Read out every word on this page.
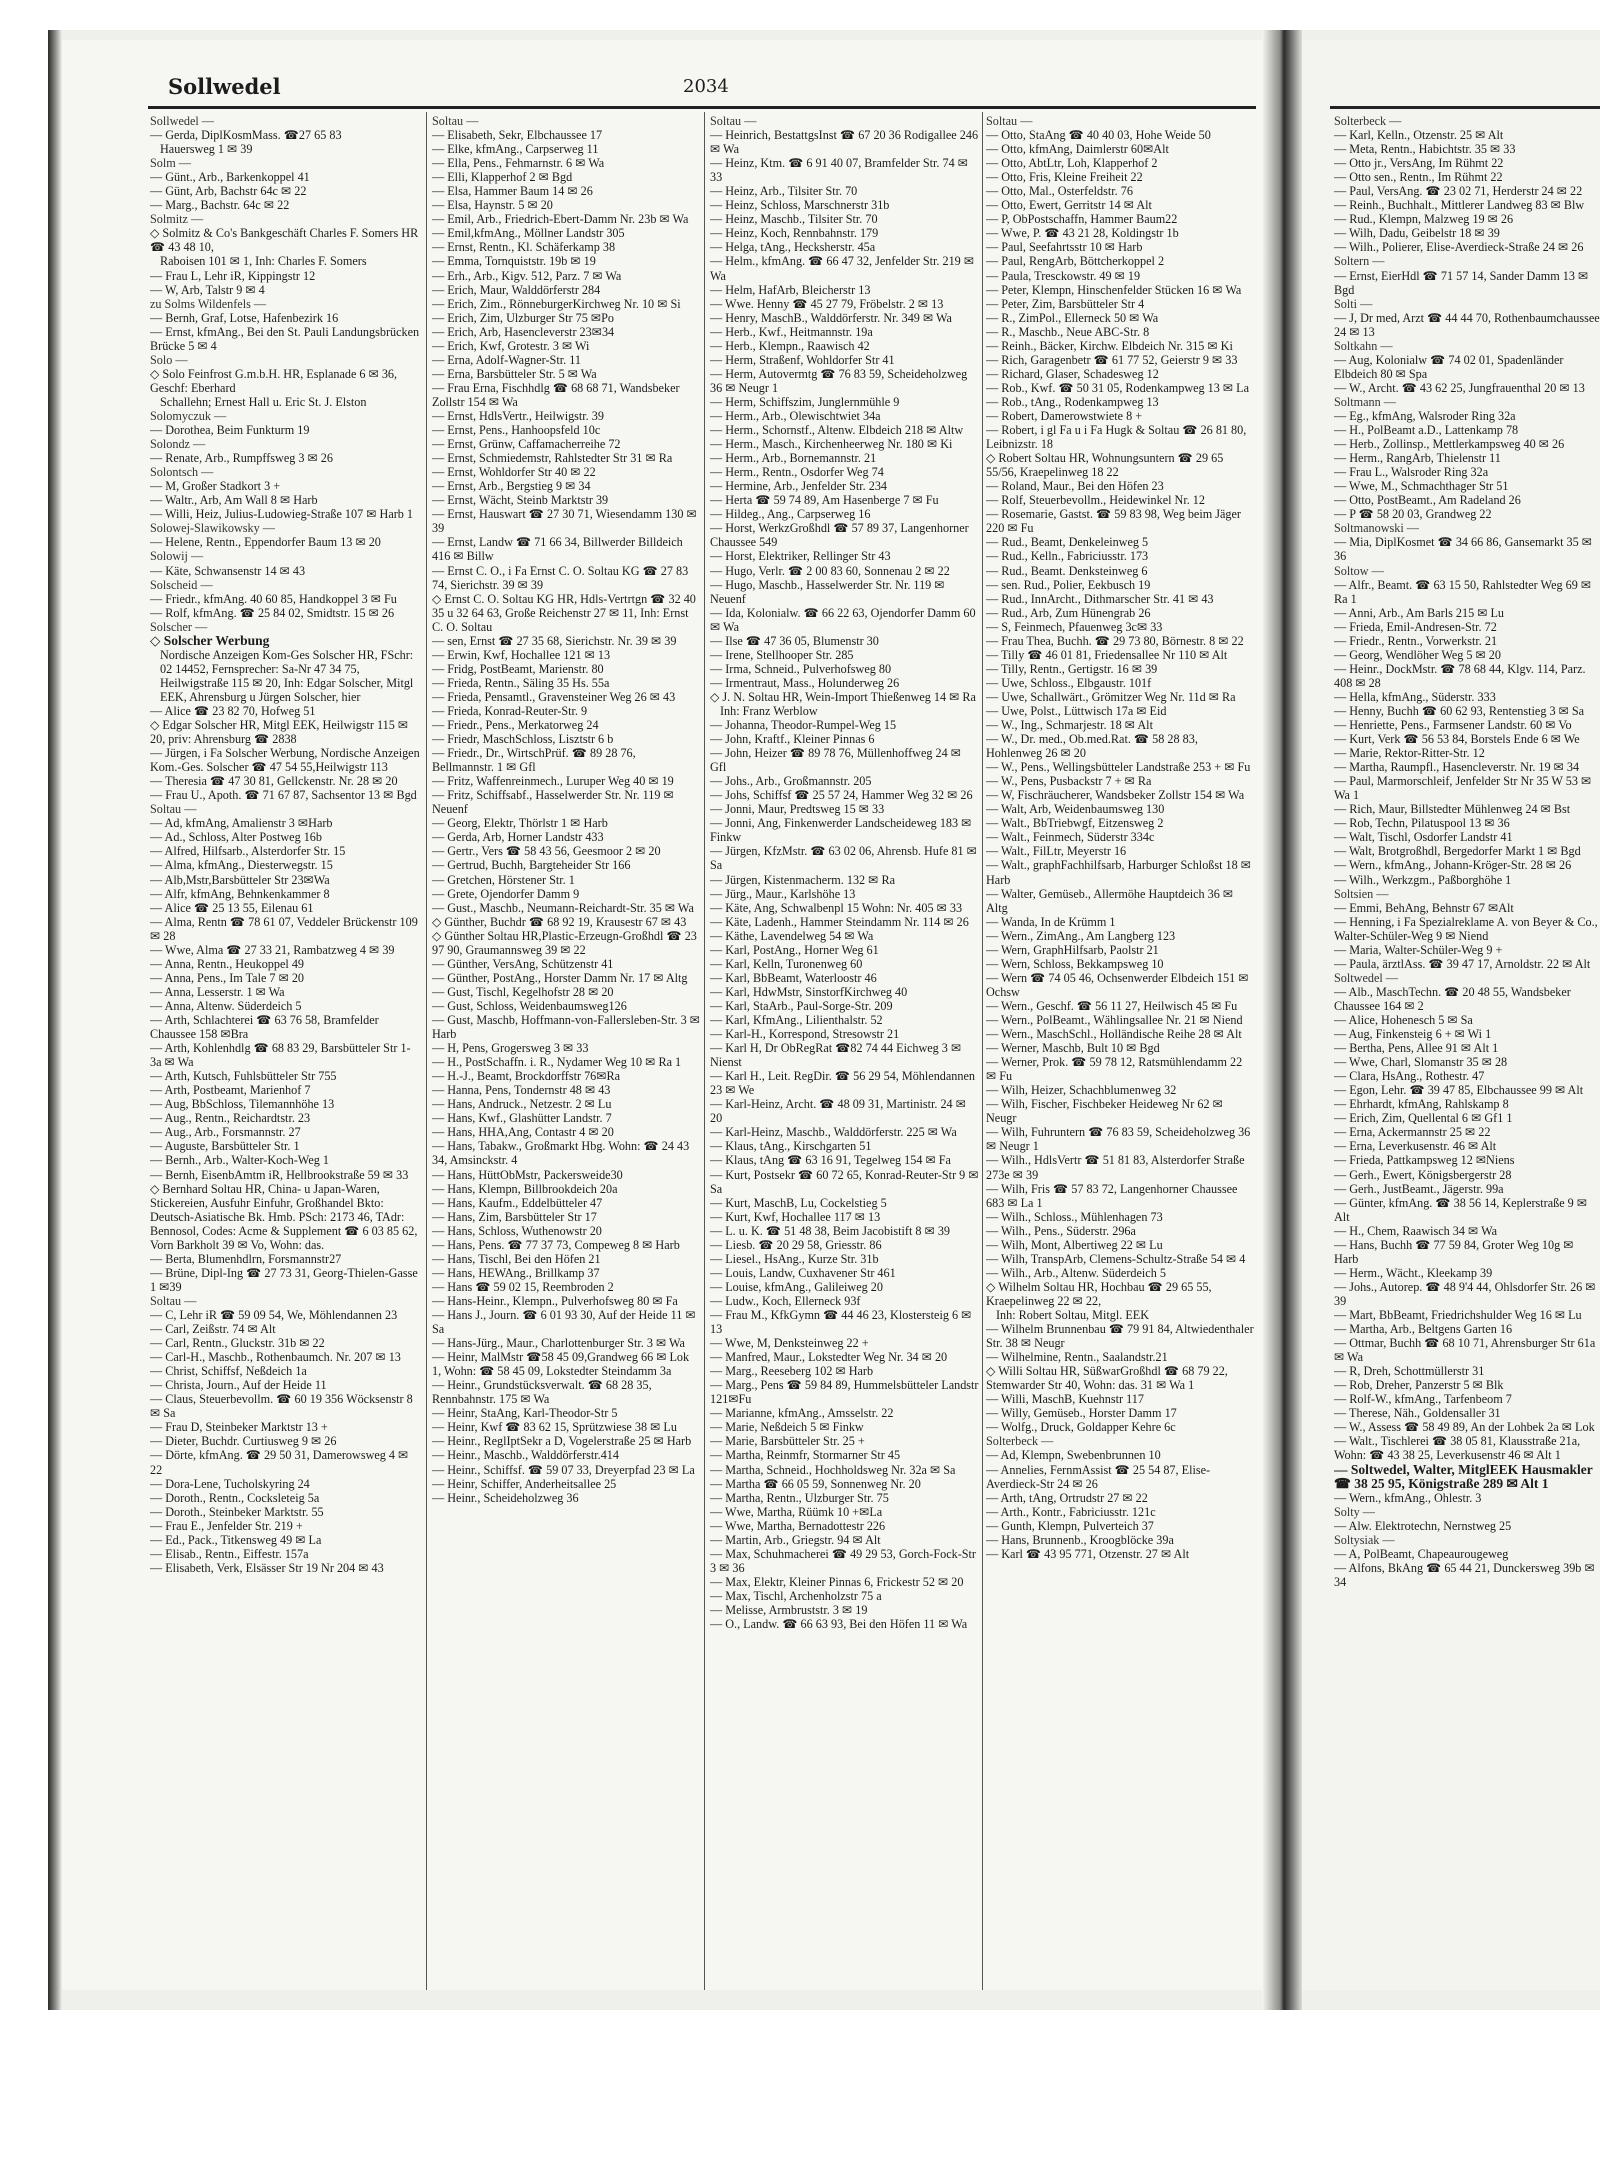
Sollwedel	2034
Sollwedel —
— Gerda, DiplKosmMass. ☎27 65 83
Hauersweg 1 ✉ 39
Solm —
— Günt., Arb., Barkenkoppel 41
— Günt, Arb, Bachstr 64c ✉ 22
— Marg., Bachstr. 64c ✉ 22
Solmitz —
◇ Solmitz & Co's Bankgeschäft Charles F. Somers HR ☎ 43 48 10,
Raboisen 101 ✉ 1, Inh: Charles F. Somers
— Frau L, Lehr iR, Kippingstr 12
— W, Arb, Talstr 9 ✉ 4
zu Solms Wildenfels —
— Bernh, Graf, Lotse, Hafenbezirk 16
— Ernst, kfmAng., Bei den St. Pauli Landungsbrücken Brücke 5 ✉ 4
Solo —
◇ Solo Feinfrost G.m.b.H. HR, Esplanade 6 ✉ 36, Geschf: Eberhard
Schallehn; Ernest Hall u. Eric St. J. Elston
Solomyczuk —
— Dorothea, Beim Funkturm 19
Solondz —
— Renate, Arb., Rumpffsweg 3 ✉ 26
Solontsch —
— M, Großer Stadkort 3 +
— Waltr., Arb, Am Wall 8 ✉ Harb
— Willi, Heiz, Julius-Ludowieg-Straße 107 ✉ Harb 1
Solowej-Slawikowsky —
— Helene, Rentn., Eppendorfer Baum 13 ✉ 20
Solowij —
— Käte, Schwansenstr 14 ✉ 43
Solscheid —
— Friedr., kfmAng. 40 60 85, Handkoppel 3 ✉ Fu
— Rolf, kfmAng. ☎ 25 84 02, Smidtstr. 15 ✉ 26
Solscher —
◇ Solscher Werbung
Nordische Anzeigen Kom-Ges Solscher HR, FSchr: 02 14452, Fernsprecher: Sa-Nr 47 34 75, Heilwigstraße 115 ✉ 20, Inh: Edgar Solscher, Mitgl EEK, Ahrensburg u Jürgen Solscher, hier
— Alice ☎ 23 82 70, Hofweg 51
◇ Edgar Solscher HR, Mitgl EEK, Heilwigstr 115 ✉ 20, priv: Ahrensburg ☎ 2838
— Jürgen, i Fa Solscher Werbung, Nordische Anzeigen Kom.-Ges. Solscher ☎ 47 54 55,Heilwigstr 113
— Theresia ☎ 47 30 81, Gellckenstr. Nr. 28 ✉ 20
— Frau U., Apoth. ☎ 71 67 87, Sachsentor 13 ✉ Bgd
Soltau —
— Ad, kfmAng, Amalienstr 3 ✉Harb
— Ad., Schloss, Alter Postweg 16b
— Alfred, Hilfsarb., Alsterdorfer Str. 15
— Alma, kfmAng., Diesterwegstr. 15
— Alb,Mstr,Barsbütteler Str 23✉Wa
— Alfr, kfmAng, Behnkenkammer 8
— Alice ☎ 25 13 55, Eilenau 61
— Alma, Rentn ☎ 78 61 07, Veddeler Brückenstr 109 ✉ 28
— Wwe, Alma ☎ 27 33 21, Rambatzweg 4 ✉ 39
— Anna, Rentn., Heukoppel 49
— Anna, Pens., Im Tale 7 ✉ 20
— Anna, Lesserstr. 1 ✉ Wa
— Anna, Altenw. Süderdeich 5
— Arth, Schlachterei ☎ 63 76 58, Bramfelder Chaussee 158 ✉Bra
— Arth, Kohlenhdlg ☎ 68 83 29, Barsbütteler Str 1-3a ✉ Wa
— Arth, Kutsch, Fuhlsbütteler Str 755
— Arth, Postbeamt, Marienhof 7
— Aug, BbSchloss, Tilemannhöhe 13
— Aug., Rentn., Reichardtstr. 23
— Aug., Arb., Forsmannstr. 27
— Auguste, Barsbütteler Str. 1
— Bernh., Arb., Walter-Koch-Weg 1
— Bernh, EisenbAmtm iR, Hellbrookstraße 59 ✉ 33
◇ Bernhard Soltau HR, China- u Japan-Waren, Stickereien, Ausfuhr Einfuhr, Großhandel Bkto: Deutsch-Asiatische Bk. Hmb. PSch: 2173 46, TAdr: Bennosol, Codes: Acme & Supplement ☎ 6 03 85 62, Vorn Barkholt 39 ✉ Vo, Wohn: das.
— Berta, Blumenhdlrn, Forsmannstr27
— Brüne, Dipl-Ing ☎ 27 73 31, Georg-Thielen-Gasse 1 ✉39
Soltau —
— C, Lehr iR ☎ 59 09 54, We, Möhlendannen 23
— Carl, Zeißstr. 74 ✉ Alt
— Carl, Rentn., Gluckstr. 31b ✉ 22
— Carl-H., Maschb., Rothenbaumch. Nr. 207 ✉ 13
— Christ, Schiffsf, Neßdeich 1a
— Christa, Journ., Auf der Heide 11
— Claus, Steuerbevollm. ☎ 60 19 356 Wöcksenstr 8 ✉ Sa
— Frau D, Steinbeker Marktstr 13 +
— Dieter, Buchdr. Curtiusweg 9 ✉ 26
— Dörte, kfmAng. ☎ 29 50 31, Damerowsweg 4 ✉ 22
— Dora-Lene, Tucholskyring 24
— Doroth., Rentn., Cocksleteig 5a
— Doroth., Steinbeker Marktstr. 55
— Frau E., Jenfelder Str. 219 +
— Ed., Pack., Titkensweg 49 ✉ La
— Elisab., Rentn., Eiffestr. 157a
— Elisabeth, Verk, Elsässer Str 19 Nr 204 ✉ 43
Soltau —
— Elisabeth, Sekr, Elbchaussee 17
— Elke, kfmAng., Carpserweg 11
— Ella, Pens., Fehmarnstr. 6 ✉ Wa
— Elli, Klapperhof 2 ✉ Bgd
— Elsa, Hammer Baum 14 ✉ 26
— Elsa, Haynstr. 5 ✉ 20
— Emil, Arb., Friedrich-Ebert-Damm Nr. 23b ✉ Wa
— Emil,kfmAng., Möllner Landstr 305
— Ernst, Rentn., Kl. Schäferkamp 38
— Emma, Tornquiststr. 19b ✉ 19
— Erh., Arb., Kigv. 512, Parz. 7 ✉ Wa
— Erich, Maur, Walddörferstr 284
— Erich, Zim., RönneburgerKirchweg Nr. 10 ✉ Si
— Erich, Zim, Ulzburger Str 75 ✉Po
— Erich, Arb, Hasencleverstr 23✉34
— Erich, Kwf, Grotestr. 3 ✉ Wi
— Erna, Adolf-Wagner-Str. 11
— Erna, Barsbütteler Str. 5 ✉ Wa
— Frau Erna, Fischhdlg ☎ 68 68 71, Wandsbeker Zollstr 154 ✉ Wa
— Ernst, HdlsVertr., Heilwigstr. 39
— Ernst, Pens., Hanhoopsfeld 10c
— Ernst, Grünw, Caffamacherreihe 72
— Ernst, Schmiedemstr, Rahlstedter Str 31 ✉ Ra
— Ernst, Wohldorfer Str 40 ✉ 22
— Ernst, Arb., Bergstieg 9 ✉ 34
— Ernst, Wächt, Steinb Marktstr 39
— Ernst, Hauswart ☎ 27 30 71, Wiesendamm 130 ✉ 39
— Ernst, Landw ☎ 71 66 34, Billwerder Billdeich 416 ✉ Billw
— Ernst C. O., i Fa Ernst C. O. Soltau KG ☎ 27 83 74, Sierichstr. 39 ✉ 39
◇ Ernst C. O. Soltau KG HR, Hdls-Vertrtgn ☎ 32 40 35 u 32 64 63, Große Reichenstr 27 ✉ 11, Inh: Ernst C. O. Soltau
— sen, Ernst ☎ 27 35 68, Sierichstr. Nr. 39 ✉ 39
— Erwin, Kwf, Hochallee 121 ✉ 13
— Fridg, PostBeamt, Marienstr. 80
— Frieda, Rentn., Säling 35 Hs. 55a
— Frieda, Pensamtl., Gravensteiner Weg 26 ✉ 43
— Frieda, Konrad-Reuter-Str. 9
— Friedr., Pens., Merkatorweg 24
— Friedr, MaschSchloss, Lisztstr 6 b
— Friedr., Dr., WirtschPrüf. ☎ 89 28 76, Bellmannstr. 1 ✉ Gfl
— Fritz, Waffenreinmech., Luruper Weg 40 ✉ 19
— Fritz, Schiffsabf., Hasselwerder Str. Nr. 119 ✉ Neuenf
— Georg, Elektr, Thörlstr 1 ✉ Harb
— Gerda, Arb, Horner Landstr 433
— Gertr., Vers ☎ 58 43 56, Geesmoor 2 ✉ 20
— Gertrud, Buchh, Bargteheider Str 166
— Gretchen, Hörstener Str. 1
— Grete, Ojendorfer Damm 9
— Gust., Maschb., Neumann-Reichardt-Str. 35 ✉ Wa
◇ Günther, Buchdr ☎ 68 92 19, Krausestr 67 ✉ 43
◇ Günther Soltau HR,Plastic-Erzeugn-Großhdl ☎ 23 97 90, Graumannsweg 39 ✉ 22
— Günther, VersAng, Schützenstr 41
— Günther, PostAng., Horster Damm Nr. 17 ✉ Altg
— Gust, Tischl, Kegelhofstr 28 ✉ 20
— Gust, Schloss, Weidenbaumsweg126
— Gust, Maschb, Hoffmann-von-Fallersleben-Str. 3 ✉ Harb
— H, Pens, Grogersweg 3 ✉ 33
— H., PostSchaffn. i. R., Nydamer Weg 10 ✉ Ra 1
— H.-J., Beamt, Brockdorffstr 76✉Ra
— Hanna, Pens, Tondernstr 48 ✉ 43
— Hans, Andruck., Netzestr. 2 ✉ Lu
— Hans, Kwf., Glashütter Landstr. 7
— Hans, HHA,Ang, Contastr 4 ✉ 20
— Hans, Tabakw., Großmarkt Hbg. Wohn: ☎ 24 43 34, Amsinckstr. 4
— Hans, HüttObMstr, Packersweide30
— Hans, Klempn, Billbrookdeich 20a
— Hans, Kaufm., Eddelbütteler 47
— Hans, Zim, Barsbütteler Str 17
— Hans, Schloss, Wuthenowstr 20
— Hans, Pens. ☎ 77 37 73, Compeweg 8 ✉ Harb
— Hans, Tischl, Bei den Höfen 21
— Hans, HEWAng., Brillkamp 37
— Hans ☎ 59 02 15, Reembroden 2
— Hans-Heinr., Klempn., Pulverhofsweg 80 ✉ Fa
— Hans J., Journ. ☎ 6 01 93 30, Auf der Heide 11 ✉ Sa
— Hans-Jürg., Maur., Charlottenburger Str. 3 ✉ Wa
— Heinr, MalMstr ☎58 45 09,Grandweg 66 ✉ Lok 1, Wohn: ☎ 58 45 09, Lokstedter Steindamm 3a
— Heinr., Grundstücksverwalt. ☎ 68 28 35, Rennbahnstr. 175 ✉ Wa
— Heinr, StaAng, Karl-Theodor-Str 5
— Heinr, Kwf ☎ 83 62 15, Sprützwiese 38 ✉ Lu
— Heinr., ReglIptSekr a D, Vogelerstraße 25 ✉ Harb
— Heinr., Maschb., Walddörferstr.414
— Heinr., Schiffsf. ☎ 59 07 33, Dreyerpfad 23 ✉ La
— Heinr, Schiffer, Anderheitsallee 25
— Heinr., Scheideholzweg 36
Soltau —
— Heinrich, BestattgsInst ☎ 67 20 36 Rodigallee 246 ✉ Wa
— Heinz, Ktm. ☎ 6 91 40 07, Bramfelder Str. 74 ✉ 33
— Heinz, Arb., Tilsiter Str. 70
— Heinz, Schloss, Marschnerstr 31b
— Heinz, Maschb., Tilsiter Str. 70
— Heinz, Koch, Rennbahnstr. 179
— Helga, tAng., Hecksherstr. 45a
— Helm., kfmAng. ☎ 66 47 32, Jenfelder Str. 219 ✉ Wa
— Helm, HafArb, Bleicherstr 13
— Wwe. Henny ☎ 45 27 79, Fröbelstr. 2 ✉ 13
— Henry, MaschB., Walddörferstr. Nr. 349 ✉ Wa
— Herb., Kwf., Heitmannstr. 19a
— Herb., Klempn., Raawisch 42
— Herm, Straßenf, Wohldorfer Str 41
— Herm, Autovermtg ☎ 76 83 59, Scheideholzweg 36 ✉ Neugr 1
— Herm, Schiffszim, Junglernmühle 9
— Herm., Arb., Olewischtwiet 34a
— Herm., Schornstf., Altenw. Elbdeich 218 ✉ Altw
— Herm., Masch., Kirchenheerweg Nr. 180 ✉ Ki
— Herm., Arb., Bornemannstr. 21
— Herm., Rentn., Osdorfer Weg 74
— Hermine, Arb., Jenfelder Str. 234
— Herta ☎ 59 74 89, Am Hasenberge 7 ✉ Fu
— Hildeg., Ang., Carpserweg 16
— Horst, WerkzGroßhdl ☎ 57 89 37, Langenhorner Chaussee 549
— Horst, Elektriker, Rellinger Str 43
— Hugo, Verlr. ☎ 2 00 83 60, Sonnenau 2 ✉ 22
— Hugo, Maschb., Hasselwerder Str. Nr. 119 ✉ Neuenf
— Ida, Kolonialw. ☎ 66 22 63, Ojendorfer Damm 60 ✉ Wa
— Ilse ☎ 47 36 05, Blumenstr 30
— Irene, Stellhooper Str. 285
— Irma, Schneid., Pulverhofsweg 80
— Irmentraut, Mass., Holunderweg 26
◇ J. N. Soltau HR, Wein-Import Thießenweg 14 ✉ Ra
Inh: Franz Werblow
— Johanna, Theodor-Rumpel-Weg 15
— John, Kraftf., Kleiner Pinnas 6
— John, Heizer ☎ 89 78 76, Müllenhoffweg 24 ✉ Gfl
— Johs., Arb., Großmannstr. 205
— Johs, Schiffsf ☎ 25 57 24, Hammer Weg 32 ✉ 26
— Jonni, Maur, Predtsweg 15 ✉ 33
— Jonni, Ang, Finkenwerder Landscheideweg 183 ✉ Finkw
— Jürgen, KfzMstr. ☎ 63 02 06, Ahrensb. Hufe 81 ✉ Sa
— Jürgen, Kistenmacherm. 132 ✉ Ra
— Jürg., Maur., Karlshöhe 13
— Käte, Ang, Schwalbenpl 15 Wohn: Nr. 405 ✉ 33
— Käte, Ladenh., Hammer Steindamm Nr. 114 ✉ 26
— Käthe, Lavendelweg 54 ✉ Wa
— Karl, PostAng., Horner Weg 61
— Karl, Kelln, Turonenweg 60
— Karl, BbBeamt, Waterloostr 46
— Karl, HdwMstr, SinstorfKirchweg 40
— Karl, StaArb., Paul-Sorge-Str. 209
— Karl, KfmAng., Lilienthalstr. 52
— Karl-H., Korrespond, Stresowstr 21
— Karl H, Dr ObRegRat ☎82 74 44 Eichweg 3 ✉ Nienst
— Karl H., Leit. RegDir. ☎ 56 29 54, Möhlendannen 23 ✉ We
— Karl-Heinz, Archt. ☎ 48 09 31, Martinistr. 24 ✉ 20
— Karl-Heinz, Maschb., Walddörferstr. 225 ✉ Wa
— Klaus, tAng., Kirschgarten 51
— Klaus, tAng ☎ 63 16 91, Tegelweg 154 ✉ Fa
— Kurt, Postsekr ☎ 60 72 65, Konrad-Reuter-Str 9 ✉ Sa
— Kurt, MaschB, Lu, Cockelstieg 5
— Kurt, Kwf, Hochallee 117 ✉ 13
— L. u. K. ☎ 51 48 38, Beim Jacobistift 8 ✉ 39
— Liesb. ☎ 20 29 58, Griesstr. 86
— Liesel., HsAng., Kurze Str. 31b
— Louis, Landw, Cuxhavener Str 461
— Louise, kfmAng., Galileiweg 20
— Ludw., Koch, Ellerneck 93f
— Frau M., KfkGymn ☎ 44 46 23, Klostersteig 6 ✉ 13
— Wwe, M, Denksteinweg 22 +
— Manfred, Maur., Lokstedter Weg Nr. 34 ✉ 20
— Marg., Reeseberg 102 ✉ Harb
— Marg., Pens ☎ 59 84 89, Hummelsbütteler Landstr 121✉Fu
— Marianne, kfmAng., Amsselstr. 22
— Marie, Neßdeich 5 ✉ Finkw
— Marie, Barsbütteler Str. 25 +
— Martha, Reinmfr, Stormarner Str 45
— Martha, Schneid., Hochholdsweg Nr. 32a ✉ Sa
— Martha ☎ 66 05 59, Sonnenweg Nr. 20
— Martha, Rentn., Ulzburger Str. 75
— Wwe, Martha, Rüümk 10 +✉La
— Wwe, Martha, Bernadottestr 226
— Martin, Arb., Griegstr. 94 ✉ Alt
— Max, Schuhmacherei ☎ 49 29 53, Gorch-Fock-Str 3 ✉ 36
— Max, Elektr, Kleiner Pinnas 6, Frickestr 52 ✉ 20
— Max, Tischl, Archenholzstr 75 a
— Melisse, Armbruststr. 3 ✉ 19
— O., Landw. ☎ 66 63 93, Bei den Höfen 11 ✉ Wa
Soltau —
— Otto, StaAng ☎ 40 40 03, Hohe Weide 50
— Otto, kfmAng, Daimlerstr 60✉Alt
— Otto, AbtLtr, Loh, Klapperhof 2
— Otto, Fris, Kleine Freiheit 22
— Otto, Mal., Osterfeldstr. 76
— Otto, Ewert, Gerritstr 14 ✉ Alt
— P, ObPostschaffn, Hammer Baum22
— Wwe, P. ☎ 43 21 28, Koldingstr 1b
— Paul, Seefahrtsstr 10 ✉ Harb
— Paul, RengArb, Böttcherkoppel 2
— Paula, Tresckowstr. 49 ✉ 19
— Peter, Klempn, Hinschenfelder Stücken 16 ✉ Wa
— Peter, Zim, Barsbütteler Str 4
— R., ZimPol., Ellerneck 50 ✉ Wa
— R., Maschb., Neue ABC-Str. 8
— Reinh., Bäcker, Kirchw. Elbdeich Nr. 315 ✉ Ki
— Rich, Garagenbetr ☎ 61 77 52, Geierstr 9 ✉ 33
— Richard, Glaser, Schadesweg 12
— Rob., Kwf. ☎ 50 31 05, Rodenkampweg 13 ✉ La
— Rob., tAng., Rodenkampweg 13
— Robert, Damerowstwiete 8 +
— Robert, i gl Fa u i Fa Hugk & Soltau ☎ 26 81 80, Leibnizstr. 18
◇ Robert Soltau HR, Wohnungsuntern ☎ 29 65 55/56, Kraepelinweg 18 22
— Roland, Maur., Bei den Höfen 23
— Rolf, Steuerbevollm., Heidewinkel Nr. 12
— Rosemarie, Gastst. ☎ 59 83 98, Weg beim Jäger 220 ✉ Fu
— Rud., Beamt, Denkeleinweg 5
— Rud., Kelln., Fabriciusstr. 173
— Rud., Beamt. Denksteinweg 6
— sen. Rud., Polier, Eekbusch 19
— Rud., InnArcht., Dithmarscher Str. 41 ✉ 43
— Rud., Arb, Zum Hünengrab 26
— S, Feinmech, Pfauenweg 3c✉ 33
— Frau Thea, Buchh. ☎ 29 73 80, Börnestr. 8 ✉ 22
— Tilly ☎ 46 01 81, Friedensallee Nr 110 ✉ Alt
— Tilly, Rentn., Gertigstr. 16 ✉ 39
— Uwe, Schloss., Elbgaustr. 101f
— Uwe, Schallwärt., Grömitzer Weg Nr. 11d ✉ Ra
— Uwe, Polst., Lüttwisch 17a ✉ Eid
— W., Ing., Schmarjestr. 18 ✉ Alt
— W., Dr. med., Ob.med.Rat. ☎ 58 28 83, Hohlenweg 26 ✉ 20
— W., Pens., Wellingsbütteler Landstraße 253 + ✉ Fu
— W., Pens, Pusbackstr 7 + ✉ Ra
— W, Fischräucherer, Wandsbeker Zollstr 154 ✉ Wa
— Walt, Arb, Weidenbaumsweg 130
— Walt., BbTriebwgf, Eitzensweg 2
— Walt., Feinmech, Süderstr 334c
— Walt., FilLtr, Meyerstr 16
— Walt., graphFachhilfsarb, Harburger Schloßst 18 ✉ Harb
— Walter, Gemüseb., Allermöhe Hauptdeich 36 ✉ Altg
— Wanda, In de Krümm 1
— Wern., ZimAng., Am Langberg 123
— Wern, GraphHilfsarb, Paolstr 21
— Wern, Schloss, Bekkampsweg 10
— Wern ☎ 74 05 46, Ochsenwerder Elbdeich 151 ✉ Ochsw
— Wern., Geschf. ☎ 56 11 27, Heilwisch 45 ✉ Fu
— Wern., PolBeamt., Wählingsallee Nr. 21 ✉ Niend
— Wern., MaschSchl., Holländische Reihe 28 ✉ Alt
— Werner, Maschb, Bult 10 ✉ Bgd
— Werner, Prok. ☎ 59 78 12, Ratsmühlendamm 22 ✉ Fu
— Wilh, Heizer, Schachblumenweg 32
— Wilh, Fischer, Fischbeker Heideweg Nr 62 ✉ Neugr
— Wilh, Fuhruntern ☎ 76 83 59, Scheideholzweg 36 ✉ Neugr 1
— Wilh., HdlsVertr ☎ 51 81 83, Alsterdorfer Straße 273e ✉ 39
— Wilh, Fris ☎ 57 83 72, Langenhorner Chaussee 683 ✉ La 1
— Wilh., Schloss., Mühlenhagen 73
— Wilh., Pens., Süderstr. 296a
— Wilh, Mont, Albertiweg 22 ✉ Lu
— Wilh, TranspArb, Clemens-Schultz-Straße 54 ✉ 4
— Wilh., Arb., Altenw. Süderdeich 5
◇ Wilhelm Soltau HR, Hochbau ☎ 29 65 55, Kraepelinweg 22 ✉ 22,
Inh: Robert Soltau, Mitgl. EEK
— Wilhelm Brunnenbau ☎ 79 91 84, Altwiedenthaler Str. 38 ✉ Neugr
— Wilhelmine, Rentn., Saalandstr.21
◇ Willi Soltau HR, SüßwarGroßhdl ☎ 68 79 22, Stemwarder Str 40, Wohn: das. 31 ✉ Wa 1
— Willi, MaschB, Kuehnstr 117
— Willy, Gemüseb., Horster Damm 17
— Wolfg., Druck, Goldapper Kehre 6c
Solterbeck —
— Ad, Klempn, Swebenbrunnen 10
— Annelies, FernmAssist ☎ 25 54 87, Elise-Averdieck-Str 24 ✉ 26
— Arth, tAng, Ortrudstr 27 ✉ 22
— Arth., Kontr., Fabriciusstr. 121c
— Gunth, Klempn, Pulverteich 37
— Hans, Brunnenb., Kroogblöcke 39a
— Karl ☎ 43 95 771, Otzenstr. 27 ✉ Alt
Solterbeck —
— Karl, Kelln., Otzenstr. 25 ✉ Alt
— Meta, Rentn., Habichtstr. 35 ✉ 33
— Otto jr., VersAng, Im Rühmt 22
— Otto sen., Rentn., Im Rühmt 22
— Paul, VersAng. ☎ 23 02 71, Herderstr 24 ✉ 22
— Reinh., Buchhalt., Mittlerer Landweg 83 ✉ Blw
— Rud., Klempn, Malzweg 19 ✉ 26
— Wilh, Dadu, Geibelstr 18 ✉ 39
— Wilh., Polierer, Elise-Averdieck-Straße 24 ✉ 26
Soltern —
— Ernst, EierHdl ☎ 71 57 14, Sander Damm 13 ✉ Bgd
Solti —
— J, Dr med, Arzt ☎ 44 44 70, Rothenbaumchaussee 24 ✉ 13
Soltkahn —
— Aug, Kolonialw ☎ 74 02 01, Spadenländer Elbdeich 80 ✉ Spa
— W., Archt. ☎ 43 62 25, Jungfrauenthal 20 ✉ 13
Soltmann —
— Eg., kfmAng, Walsroder Ring 32a
— H., PolBeamt a.D., Lattenkamp 78
— Herb., Zollinsp., Mettlerkampsweg 40 ✉ 26
— Herm., RangArb, Thielenstr 11
— Frau L., Walsroder Ring 32a
— Wwe, M., Schmachthager Str 51
— Otto, PostBeamt., Am Radeland 26
— P ☎ 58 20 03, Grandweg 22
Soltmanowski —
— Mia, DiplKosmet ☎ 34 66 86, Gansemarkt 35 ✉ 36
Soltow —
— Alfr., Beamt. ☎ 63 15 50, Rahlstedter Weg 69 ✉ Ra 1
— Anni, Arb., Am Barls 215 ✉ Lu
— Frieda, Emil-Andresen-Str. 72
— Friedr., Rentn., Vorwerkstr. 21
— Georg, Wendlöher Weg 5 ✉ 20
— Heinr., DockMstr. ☎ 78 68 44, Klgv. 114, Parz. 408 ✉ 28
— Hella, kfmAng., Süderstr. 333
— Henny, Buchh ☎ 60 62 93, Rentenstieg 3 ✉ Sa
— Henriette, Pens., Farmsener Landstr. 60 ✉ Vo
— Kurt, Verk ☎ 56 53 84, Borstels Ende 6 ✉ We
— Marie, Rektor-Ritter-Str. 12
— Martha, Raumpfl., Hasencleverstr. Nr. 19 ✉ 34
— Paul, Marmorschleif, Jenfelder Str Nr 35 W 53 ✉ Wa 1
— Rich, Maur, Billstedter Mühlenweg 24 ✉ Bst
— Rob, Techn, Pilatuspool 13 ✉ 36
— Walt, Tischl, Osdorfer Landstr 41
— Walt, Brotgroßhdl, Bergedorfer Markt 1 ✉ Bgd
— Wern., kfmAng., Johann-Kröger-Str. 28 ✉ 26
— Wilh., Werkzgm., Paßborghöhe 1
Soltsien —
— Emmi, BehAng, Behnstr 67 ✉Alt
— Henning, i Fa Spezialreklame A. von Beyer & Co., Walter-Schüler-Weg 9 ✉ Niend
— Maria, Walter-Schüler-Weg 9 +
— Paula, ärztlAss. ☎ 39 47 17, Arnoldstr. 22 ✉ Alt
Soltwedel —
— Alb., MaschTechn. ☎ 20 48 55, Wandsbeker Chaussee 164 ✉ 2
— Alice, Hohenesch 5 ✉ Sa
— Aug, Finkensteig 6 + ✉ Wi 1
— Bertha, Pens, Allee 91 ✉ Alt 1
— Wwe, Charl, Slomanstr 35 ✉ 28
— Clara, HsAng., Rothestr. 47
— Egon, Lehr. ☎ 39 47 85, Elbchaussee 99 ✉ Alt
— Ehrhardt, kfmAng, Rahlskamp 8
— Erich, Zim, Quellental 6 ✉ Gf1 1
— Erna, Ackermannstr 25 ✉ 22
— Erna, Leverkusenstr. 46 ✉ Alt
— Frieda, Pattkampsweg 12 ✉Niens
— Gerh., Ewert, Königsbergerstr 28
— Gerh., JustBeamt., Jägerstr. 99a
— Günter, kfmAng. ☎ 38 56 14, Keplerstraße 9 ✉ Alt
— H., Chem, Raawisch 34 ✉ Wa
— Hans, Buchh ☎ 77 59 84, Groter Weg 10g ✉ Harb
— Herm., Wächt., Kleekamp 39
— Johs., Autorep. ☎ 48 9'4 44, Ohlsdorfer Str. 26 ✉ 39
— Mart, BbBeamt, Friedrichshulder Weg 16 ✉ Lu
— Martha, Arb., Beltgens Garten 16
— Ottmar, Buchh ☎ 68 10 71, Ahrensburger Str 61a ✉ Wa
— R, Dreh, Schottmüllerstr 31
— Rob, Dreher, Panzerstr 5 ✉ Blk
— Rolf-W., kfmAng., Tarfenbeom 7
— Therese, Näh., Goldensaller 31
— W., Assess ☎ 58 49 89, An der Lohbek 2a ✉ Lok
— Walt., Tischlerei ☎ 38 05 81, Klausstraße 21a, Wohn: ☎ 43 38 25, Leverkusenstr 46 ✉ Alt 1
— Soltwedel, Walter, MitglEEK Hausmakler ☎ 38 25 95, Königstraße 289 ✉ Alt 1
— Wern., kfmAng., Ohlestr. 3
Solty —
— Alw. Elektrotechn, Nernstweg 25
Soltysiak —
— A, PolBeamt, Chapeaurougeweg
— Alfons, BkAng ☎ 65 44 21, Dunckersweg 39b ✉ 34
